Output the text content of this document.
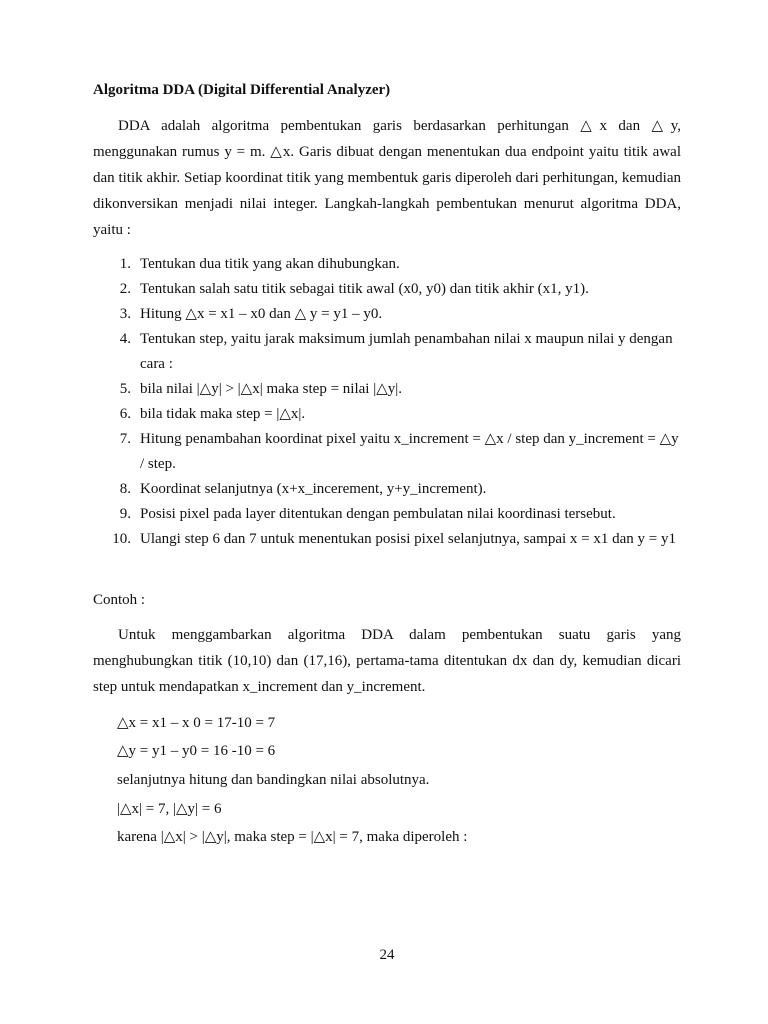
Algoritma DDA (Digital Differential Analyzer)

DDA adalah algoritma pembentukan garis berdasarkan perhitungan △x dan △y, menggunakan rumus y = m. △x. Garis dibuat dengan menentukan dua endpoint yaitu titik awal dan titik akhir. Setiap koordinat titik yang membentuk garis diperoleh dari perhitungan, kemudian dikonversikan menjadi nilai integer. Langkah-langkah pembentukan menurut algoritma DDA, yaitu :

1. Tentukan dua titik yang akan dihubungkan.
2. Tentukan salah satu titik sebagai titik awal (x0, y0) dan titik akhir (x1, y1).
3. Hitung △x = x1 – x0 dan △ y = y1 – y0.
4. Tentukan step, yaitu jarak maksimum jumlah penambahan nilai x maupun nilai y dengan cara :
5. bila nilai |△y| > |△x| maka step = nilai |△y|.
6. bila tidak maka step = |△x|.
7. Hitung penambahan koordinat pixel yaitu x_increment = △x / step dan y_increment = △y / step.
8. Koordinat selanjutnya (x+x_incerement, y+y_increment).
9. Posisi pixel pada layer ditentukan dengan pembulatan nilai koordinasi tersebut.
10. Ulangi step 6 dan 7 untuk menentukan posisi pixel selanjutnya, sampai x = x1 dan y = y1
Contoh :

Untuk menggambarkan algoritma DDA dalam pembentukan suatu garis yang menghubungkan titik (10,10) dan (17,16), pertama-tama ditentukan dx dan dy, kemudian dicari step untuk mendapatkan x_increment dan y_increment.

△x = x1 – x 0 = 17-10 = 7

△y = y1 – y0 = 16 -10 = 6

selanjutnya hitung dan bandingkan nilai absolutnya.

|△x| = 7, |△y| = 6

karena |△x| > |△y|, maka step = |△x| = 7, maka diperoleh :

24
